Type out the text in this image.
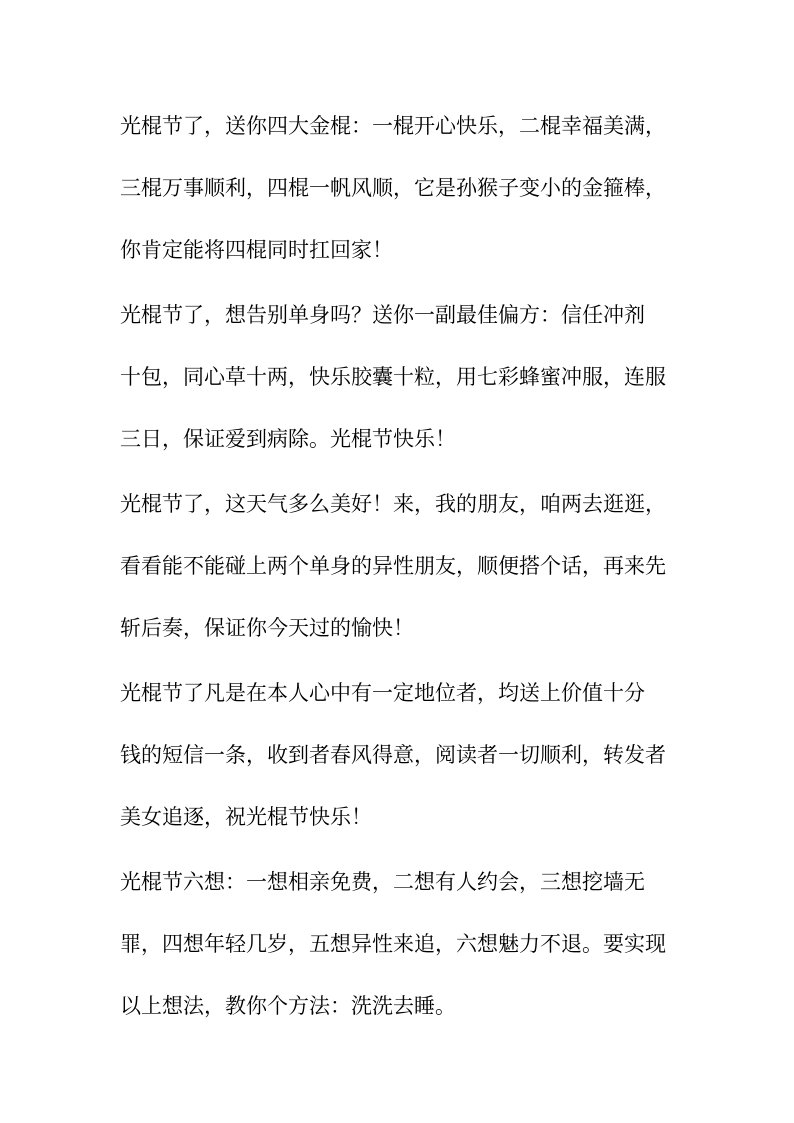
光棍节了，送你四大金棍：一棍开心快乐，二棍幸福美满，
三棍万事顺利，四棍一帆风顺，它是孙猴子变小的金箍棒，
你肯定能将四棍同时扛回家！
光棍节了，想告别单身吗？送你一副最佳偏方：信任冲剂
十包，同心草十两，快乐胶囊十粒，用七彩蜂蜜冲服，连服
三日，保证爱到病除。光棍节快乐！
光棍节了，这天气多么美好！来，我的朋友，咱两去逛逛，
看看能不能碰上两个单身的异性朋友，顺便搭个话，再来先
斩后奏，保证你今天过的愉快！
光棍节了凡是在本人心中有一定地位者，均送上价值十分
钱的短信一条，收到者春风得意，阅读者一切顺利，转发者
美女追逐，祝光棍节快乐！
光棍节六想：一想相亲免费，二想有人约会，三想挖墙无
罪，四想年轻几岁，五想异性来追，六想魅力不退。要实现
以上想法，教你个方法：洗洗去睡。
